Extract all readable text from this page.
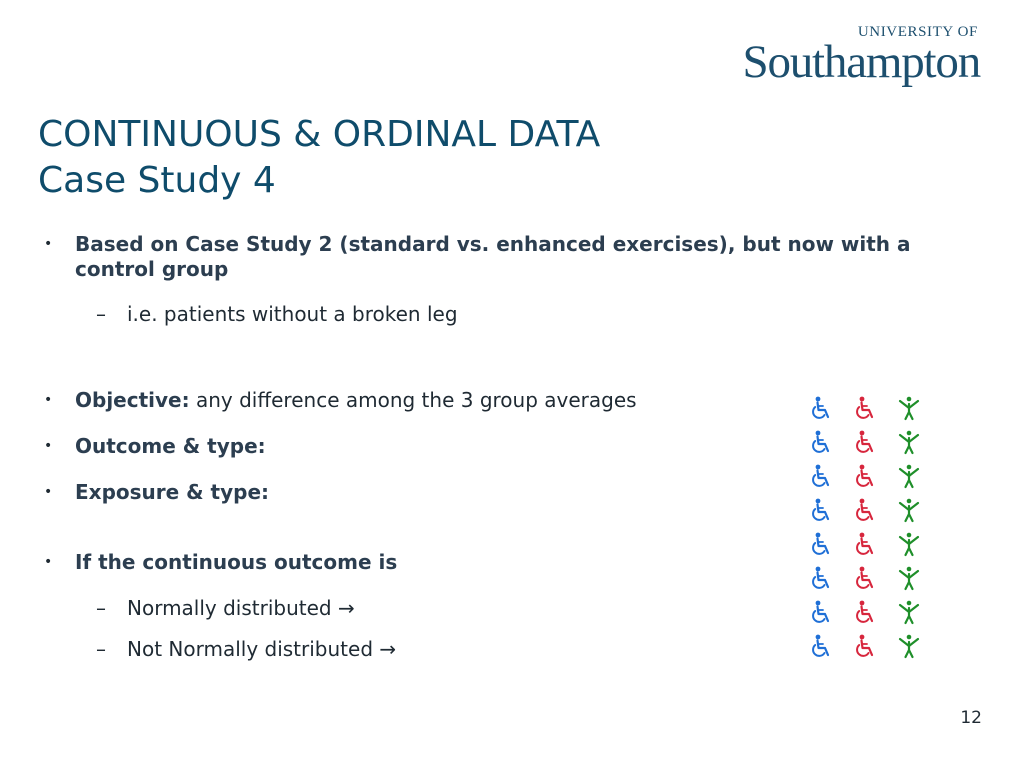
UNIVERSITY OF
Southampton
CONTINUOUS & ORDINAL DATA
Case Study 4
•	Based on Case Study 2 (standard vs. enhanced exercises), but now with a control group
–	i.e. patients without a broken leg
•	Objective: any difference among the 3 group averages
•	Outcome & type:
•	Exposure & type:
•	If the continuous outcome is
–	Normally distributed →
–	Not Normally distributed →
12
